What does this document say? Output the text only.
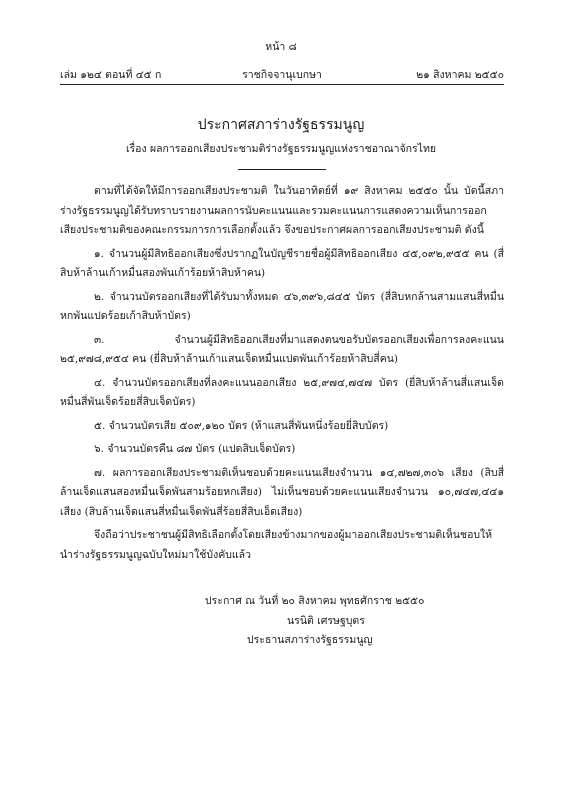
หน้า ๘
เล่ม ๑๒๔ ตอนที่ ๔๕ ก	ราชกิจจานุเบกษา	๒๑ สิงหาคม ๒๕๕๐
ประกาศสภาร่างรัฐธรรมนูญ
เรื่อง ผลการออกเสียงประชามติร่างรัฐธรรมนูญแห่งราชอาณาจักรไทย

ตามที่ได้จัดให้มีการออกเสียงประชามติ ในวันอาทิตย์ที่ ๑๙ สิงหาคม ๒๕๕๐ นั้น บัดนี้สภาร่างรัฐธรรมนูญได้รับทราบรายงานผลการนับคะแนนและรวมคะแนนการแสดงความเห็นการออกเสียงประชามติของคณะกรรมการการเลือกตั้งแล้ว จึงขอประกาศผลการออกเสียงประชามติ ดังนี้

๑. จำนวนผู้มีสิทธิออกเสียงซึ่งปรากฏในบัญชีรายชื่อผู้มีสิทธิออกเสียง ๔๕,๐๙๒,๙๕๕ คน (สี่สิบห้าล้านเก้าหมื่นสองพันเก้าร้อยห้าสิบห้าคน)

๒. จำนวนบัตรออกเสียงที่ได้รับมาทั้งหมด ๔๖,๓๙๖,๘๔๕ บัตร (สี่สิบหกล้านสามแสนสี่หมื่นหกพันแปดร้อยเก้าสิบห้าบัตร)

๓. จำนวนผู้มีสิทธิออกเสียงที่มาแสดงตนขอรับบัตรออกเสียงเพื่อการลงคะแนน ๒๕,๙๗๘,๙๕๔ คน (ยี่สิบห้าล้านเก้าแสนเจ็ดหมื่นแปดพันเก้าร้อยห้าสิบสี่คน)

๔. จำนวนบัตรออกเสียงที่ลงคะแนนออกเสียง ๒๕,๙๗๔,๗๔๗ บัตร (ยี่สิบห้าล้านสี่แสนเจ็ดหมื่นสี่พันเจ็ดร้อยสี่สิบเจ็ดบัตร)

๕. จำนวนบัตรเสีย ๕๐๙,๑๒๐ บัตร (ห้าแสนสี่พันหนึ่งร้อยยี่สิบบัตร)

๖. จำนวนบัตรคืน ๘๗ บัตร (แปดสิบเจ็ดบัตร)

๗. ผลการออกเสียงประชามติเห็นชอบด้วยคะแนนเสียงจำนวน ๑๔,๗๒๗,๓๐๖ เสียง (สิบสี่ล้านเจ็ดแสนสองหมื่นเจ็ดพันสามร้อยหกเสียง) ไม่เห็นชอบด้วยคะแนนเสียงจำนวน ๑๐,๗๔๗,๔๔๑ เสียง (สิบล้านเจ็ดแสนสี่หมื่นเจ็ดพันสี่ร้อยสี่สิบเอ็ดเสียง)

จึงถือว่าประชาชนผู้มีสิทธิเลือกตั้งโดยเสียงข้างมากของผู้มาออกเสียงประชามติเห็นชอบให้นำร่างรัฐธรรมนูญฉบับใหม่มาใช้บังคับแล้ว

ประกาศ ณ วันที่ ๒๐ สิงหาคม พุทธศักราช ๒๕๕๐
นรนิติ เศรษฐบุตร
ประธานสภาร่างรัฐธรรมนูญ
